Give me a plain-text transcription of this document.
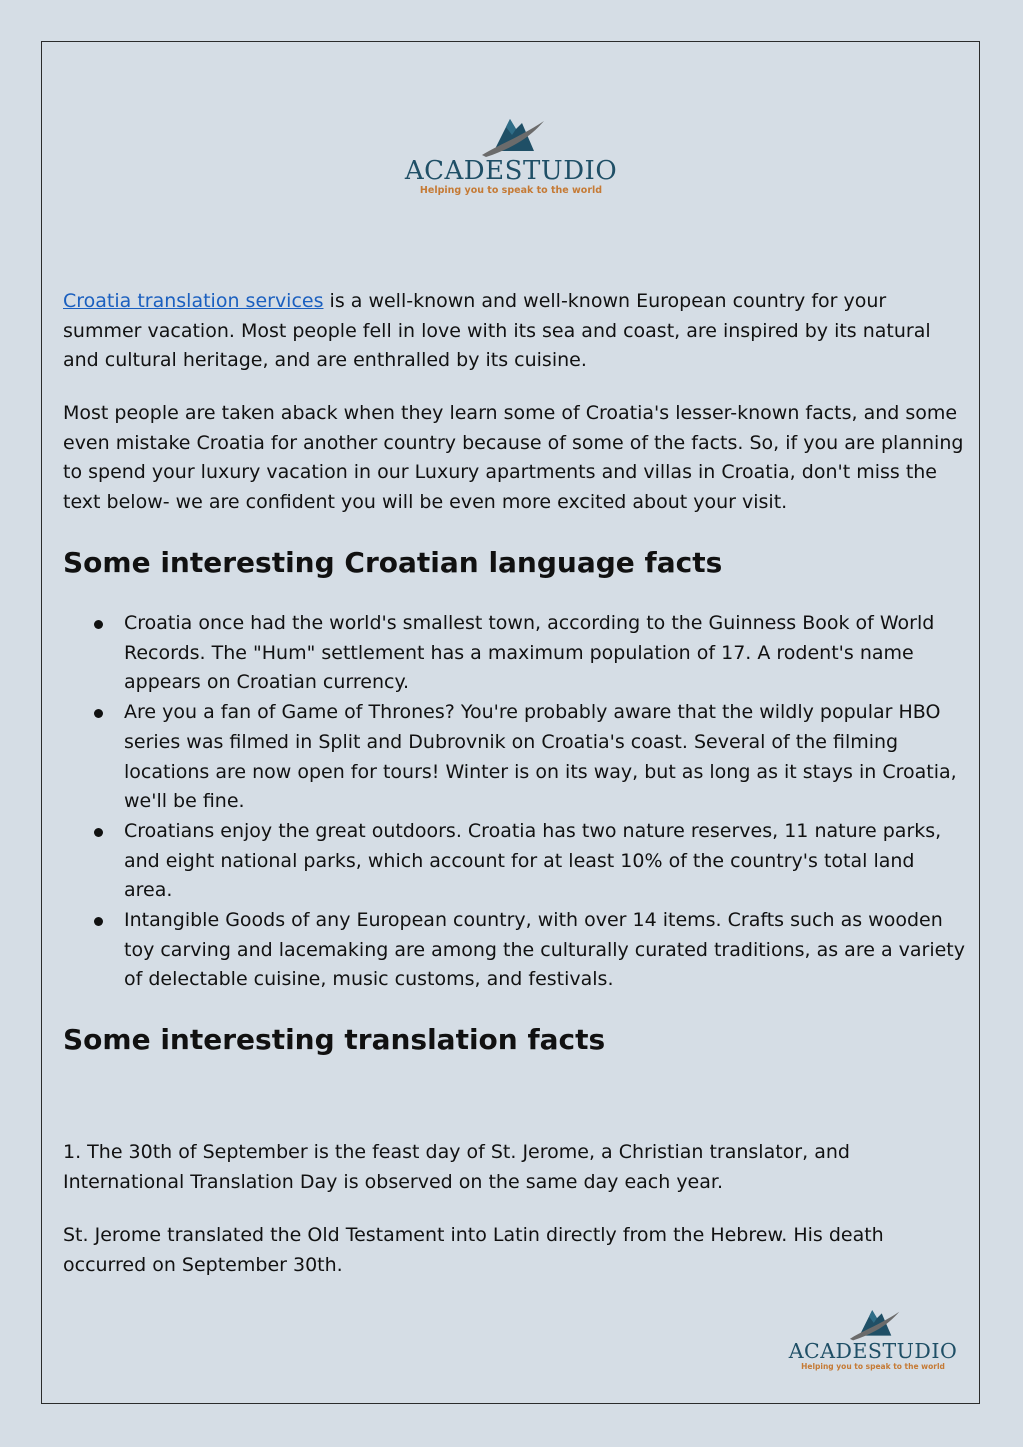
ACADESTUDIO
Helping you to speak to the world

Croatia translation services is a well-known and well-known European country for your summer vacation. Most people fell in love with its sea and coast, are inspired by its natural and cultural heritage, and are enthralled by its cuisine.

Most people are taken aback when they learn some of Croatia's lesser-known facts, and some even mistake Croatia for another country because of some of the facts. So, if you are planning to spend your luxury vacation in our Luxury apartments and villas in Croatia, don't miss the text below- we are confident you will be even more excited about your visit.

Some interesting Croatian language facts
Croatia once had the world's smallest town, according to the Guinness Book of World Records. The "Hum" settlement has a maximum population of 17. A rodent's name appears on Croatian currency.
Are you a fan of Game of Thrones? You're probably aware that the wildly popular HBO series was filmed in Split and Dubrovnik on Croatia's coast. Several of the filming locations are now open for tours! Winter is on its way, but as long as it stays in Croatia, we'll be fine.
Croatians enjoy the great outdoors. Croatia has two nature reserves, 11 nature parks, and eight national parks, which account for at least 10% of the country's total land area.
Intangible Goods of any European country, with over 14 items. Crafts such as wooden toy carving and lacemaking are among the culturally curated traditions, as are a variety of delectable cuisine, music customs, and festivals.
Some interesting translation facts

1. The 30th of September is the feast day of St. Jerome, a Christian translator, and International Translation Day is observed on the same day each year.

St. Jerome translated the Old Testament into Latin directly from the Hebrew. His death occurred on September 30th.

ACADESTUDIO
Helping you to speak to the world
